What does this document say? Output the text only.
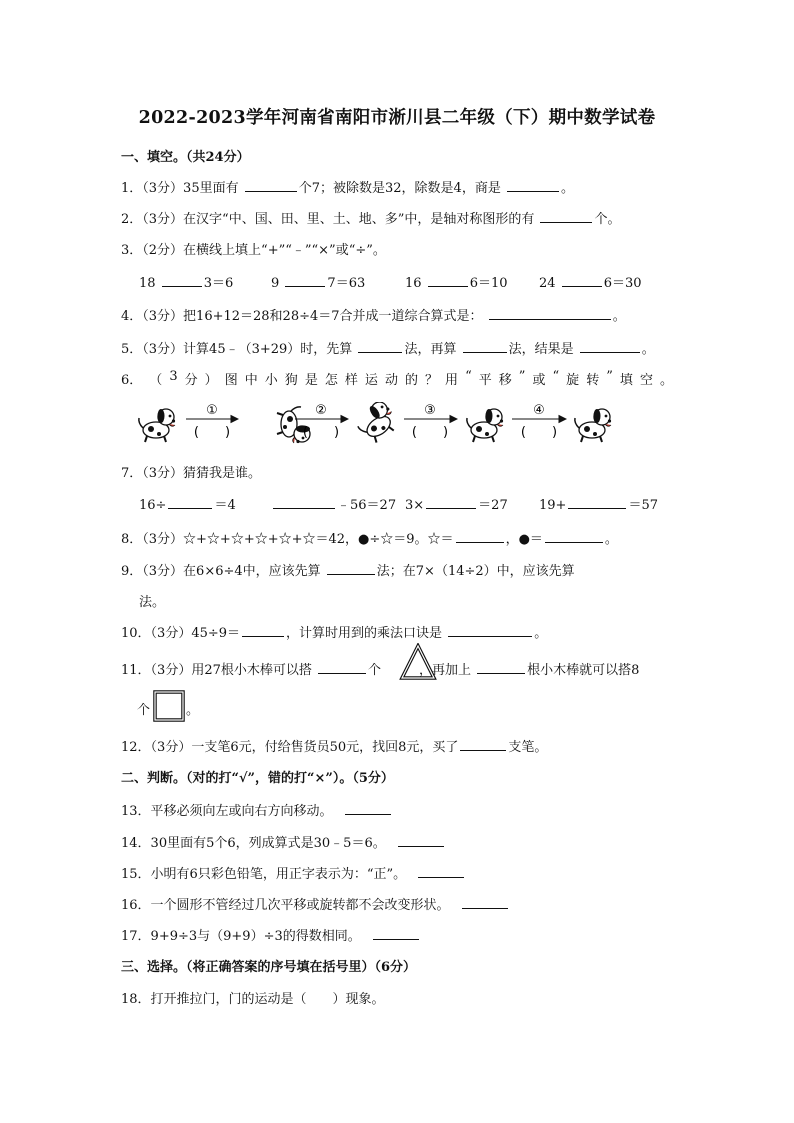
2022-2023学年河南省南阳市淅川县二年级（下）期中数学试卷
一、填空。（共24分）
1．（3分）35里面有	个7；被除数是32，除数是4，商是	。
2．（3分）在汉字“中、国、田、里、土、地、多”中，是轴对称图形的有	个。
3．（2分）在横线上填上“+”“﹣”“×”或“÷”。
18	3＝6	9	7＝63	16	6＝10 24	6＝30
4．（3分）把16+12＝28和28÷4＝7合并成一道综合算式是：	。
5．（3分）计算45﹣（3+29）时，先算	法，再算	法，结果是	。
6． （ 3 分 ） 图 中 小 狗 是 怎 样 运 动 的 ？ 用 “ 平 移 ” 或 “ 旋 转 ” 填 空 。
①	②	③	④
(　　)	(　　)	(　　)	(　　)
7．（3分）猜猜我是谁。
16÷	＝4	﹣56＝27 3×	＝27 19+	＝57
8．（3分）☆+☆+☆+☆+☆+☆＝42，●÷☆＝9。☆＝	，●＝	。
9．（3分）在6×6÷4中，应该先算	法；在7×（14÷2）中，应该先算
法。
10．（3分）45÷9＝	，计算时用到的乘法口诀是	。
11．（3分）用27根小木棒可以搭	个	，再加上	根小木棒就可以搭8
个	。
12．（3分）一支笔6元，付给售货员50元，找回8元，买了	支笔。
二、判断。（对的打“√”，错的打“×”）。（5分）
13．平移必须向左或向右方向移动。
14．30里面有5个6，列成算式是30﹣5＝6。
15．小明有6只彩色铅笔，用正字表示为：“正”。
16．一个圆形不管经过几次平移或旋转都不会改变形状。
17．9+9÷3与（9+9）÷3的得数相同。
三、选择。（将正确答案的序号填在括号里）（6分）
18．打开推拉门，门的运动是（　　）现象。
